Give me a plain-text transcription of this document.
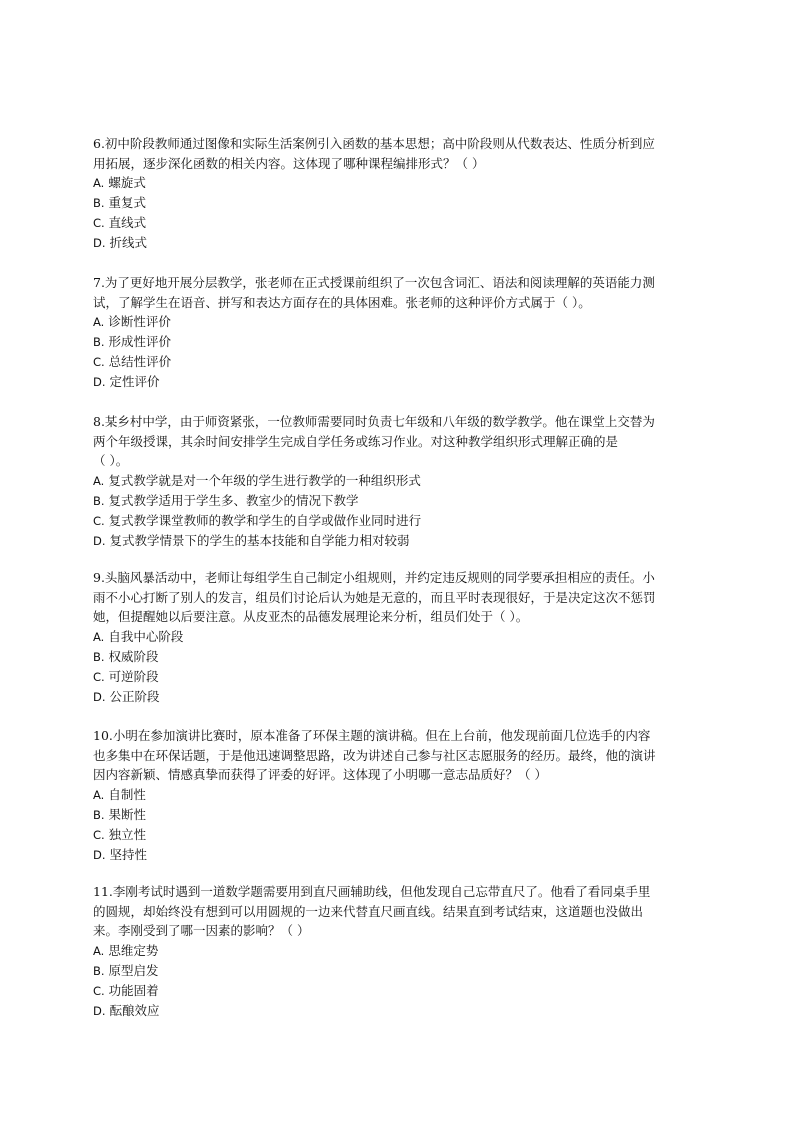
6.初中阶段教师通过图像和实际生活案例引入函数的基本思想；高中阶段则从代数表达、性质分析到应
用拓展，逐步深化函数的相关内容。这体现了哪种课程编排形式？（ ）
A. 螺旋式
B. 重复式
C. 直线式
D. 折线式
7.为了更好地开展分层教学，张老师在正式授课前组织了一次包含词汇、语法和阅读理解的英语能力测
试，了解学生在语音、拼写和表达方面存在的具体困难。张老师的这种评价方式属于（ ）。
A. 诊断性评价
B. 形成性评价
C. 总结性评价
D. 定性评价
8.某乡村中学，由于师资紧张，一位教师需要同时负责七年级和八年级的数学教学。他在课堂上交替为
两个年级授课，其余时间安排学生完成自学任务或练习作业。对这种教学组织形式理解正确的是
（ ）。
A. 复式教学就是对一个年级的学生进行教学的一种组织形式
B. 复式教学适用于学生多、教室少的情况下教学
C. 复式教学课堂教师的教学和学生的自学或做作业同时进行
D. 复式教学情景下的学生的基本技能和自学能力相对较弱
9.头脑风暴活动中，老师让每组学生自己制定小组规则，并约定违反规则的同学要承担相应的责任。小
雨不小心打断了别人的发言，组员们讨论后认为她是无意的，而且平时表现很好，于是决定这次不惩罚
她，但提醒她以后要注意。从皮亚杰的品德发展理论来分析，组员们处于（ ）。
A. 自我中心阶段
B. 权威阶段
C. 可逆阶段
D. 公正阶段
10.小明在参加演讲比赛时，原本准备了环保主题的演讲稿。但在上台前，他发现前面几位选手的内容
也多集中在环保话题，于是他迅速调整思路，改为讲述自己参与社区志愿服务的经历。最终，他的演讲
因内容新颖、情感真挚而获得了评委的好评。这体现了小明哪一意志品质好？（ ）
A. 自制性
B. 果断性
C. 独立性
D. 坚持性
11.李刚考试时遇到一道数学题需要用到直尺画辅助线，但他发现自己忘带直尺了。他看了看同桌手里
的圆规，却始终没有想到可以用圆规的一边来代替直尺画直线。结果直到考试结束，这道题也没做出
来。李刚受到了哪一因素的影响？（ ）
A. 思维定势
B. 原型启发
C. 功能固着
D. 酝酿效应
